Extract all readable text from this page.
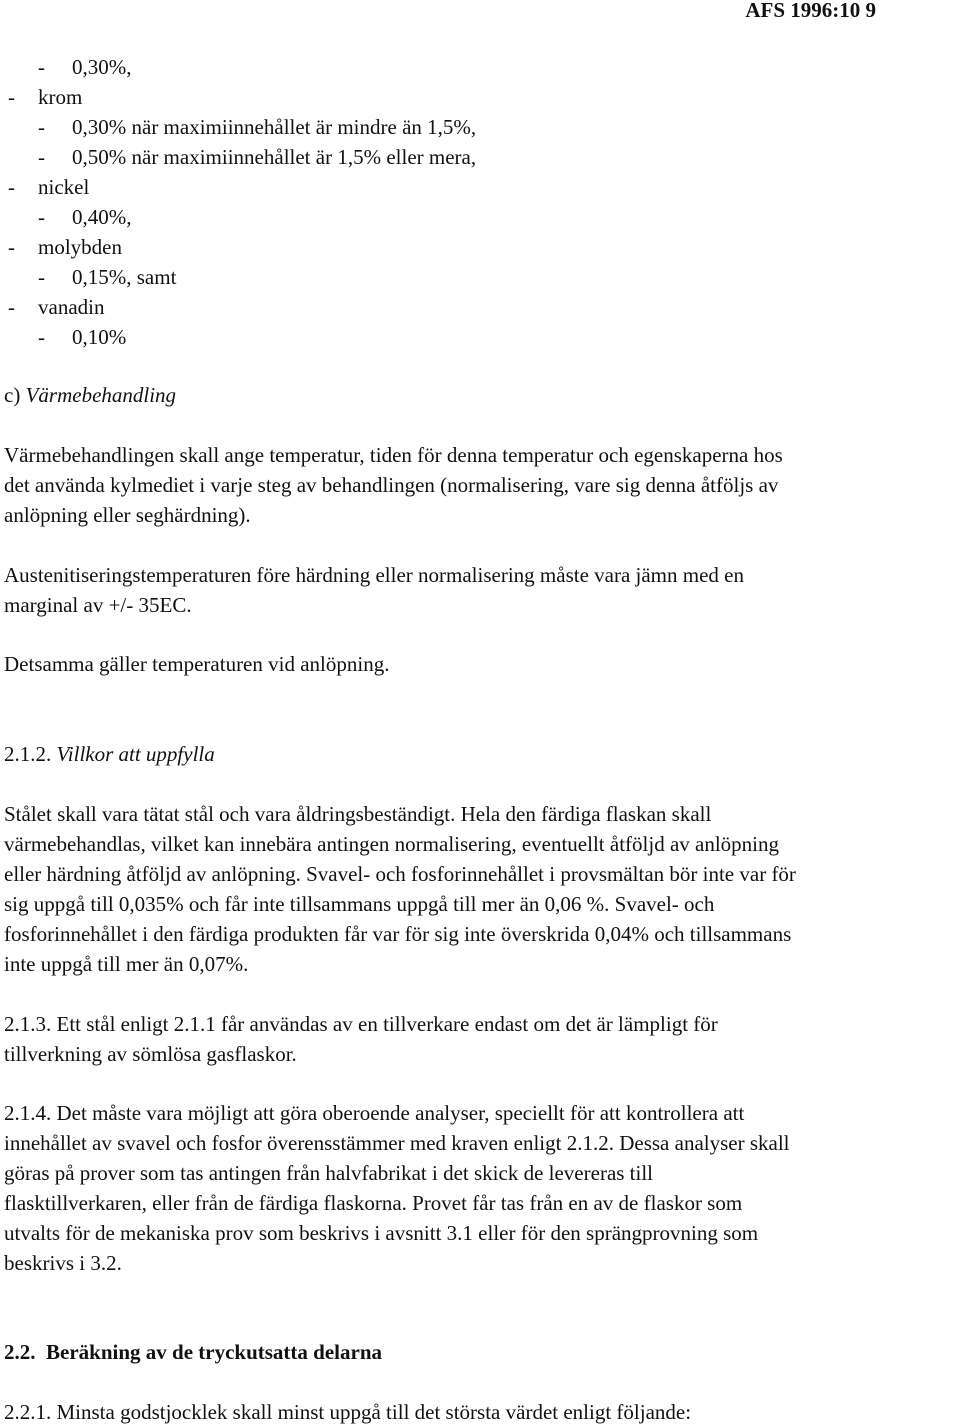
AFS 1996:10 9
- 0,30%,
- krom
- 0,30% när maximiinnehållet är mindre än 1,5%,
- 0,50% när maximiinnehållet är 1,5% eller mera,
- nickel
- 0,40%,
- molybden
- 0,15%, samt
- vanadin
- 0,10%
c) Värmebehandling
Värmebehandlingen skall ange temperatur, tiden för denna temperatur och egenskaperna hos
det använda kylmediet i varje steg av behandlingen (normalisering, vare sig denna åtföljs av
anlöpning eller seghärdning).
Austenitiseringstemperaturen före härdning eller normalisering måste vara jämn med en
marginal av +/- 35EC.
Detsamma gäller temperaturen vid anlöpning.
2.1.2. Villkor att uppfylla
Stålet skall vara tätat stål och vara åldringsbeständigt. Hela den färdiga flaskan skall
värmebehandlas, vilket kan innebära antingen normalisering, eventuellt åtföljd av anlöpning
eller härdning åtföljd av anlöpning. Svavel- och fosforinnehållet i provsmältan bör inte var för
sig uppgå till 0,035% och får inte tillsammans uppgå till mer än 0,06 %. Svavel- och
fosforinnehållet i den färdiga produkten får var för sig inte överskrida 0,04% och tillsammans
inte uppgå till mer än 0,07%.
2.1.3. Ett stål enligt 2.1.1 får användas av en tillverkare endast om det är lämpligt för
tillverkning av sömlösa gasflaskor.
2.1.4. Det måste vara möjligt att göra oberoende analyser, speciellt för att kontrollera att
innehållet av svavel och fosfor överensstämmer med kraven enligt 2.1.2. Dessa analyser skall
göras på prover som tas antingen från halvfabrikat i det skick de levereras till
flasktillverkaren, eller från de färdiga flaskorna. Provet får tas från en av de flaskor som
utvalts för de mekaniska prov som beskrivs i avsnitt 3.1 eller för den sprängprovning som
beskrivs i 3.2.
2.2. Beräkning av de tryckutsatta delarna
2.2.1. Minsta godstjocklek skall minst uppgå till det största värdet enligt följande:
